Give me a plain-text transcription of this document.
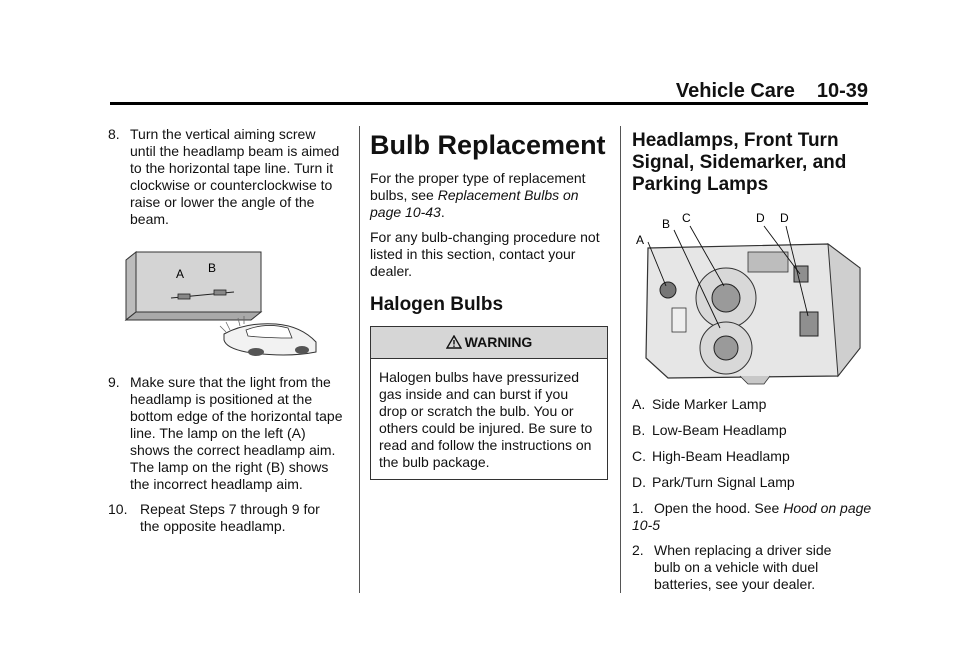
Vehicle Care 10-39
8. Turn the vertical aiming screw
until the headlamp beam is aimed to the horizontal tape line. Turn it clockwise or counterclockwise to raise or lower the angle of the beam.
A B
9. Make sure that the light from the
headlamp is positioned at the bottom edge of the horizontal tape line. The lamp on the left (A) shows the correct headlamp aim. The lamp on the right (B) shows the incorrect headlamp aim.
10. Repeat Steps 7 through 9 for
the opposite headlamp.
Bulb Replacement

For the proper type of replacement bulbs, see Replacement Bulbs on page 10-43.

For any bulb-changing procedure not listed in this section, contact your dealer.

Halogen Bulbs
WARNING
Halogen bulbs have pressurized gas inside and can burst if you drop or scratch the bulb. You or others could be injured. Be sure to read and follow the instructions on the bulb package.
Headlamps, Front Turn Signal, Sidemarker, and Parking Lamps
A
B C	D D
A. Side Marker Lamp
B. Low-Beam Headlamp
C. High-Beam Headlamp
D. Park/Turn Signal Lamp
1. Open the hood. See Hood on page 10-5
2. When replacing a driver side
bulb on a vehicle with duel batteries, see your dealer.
